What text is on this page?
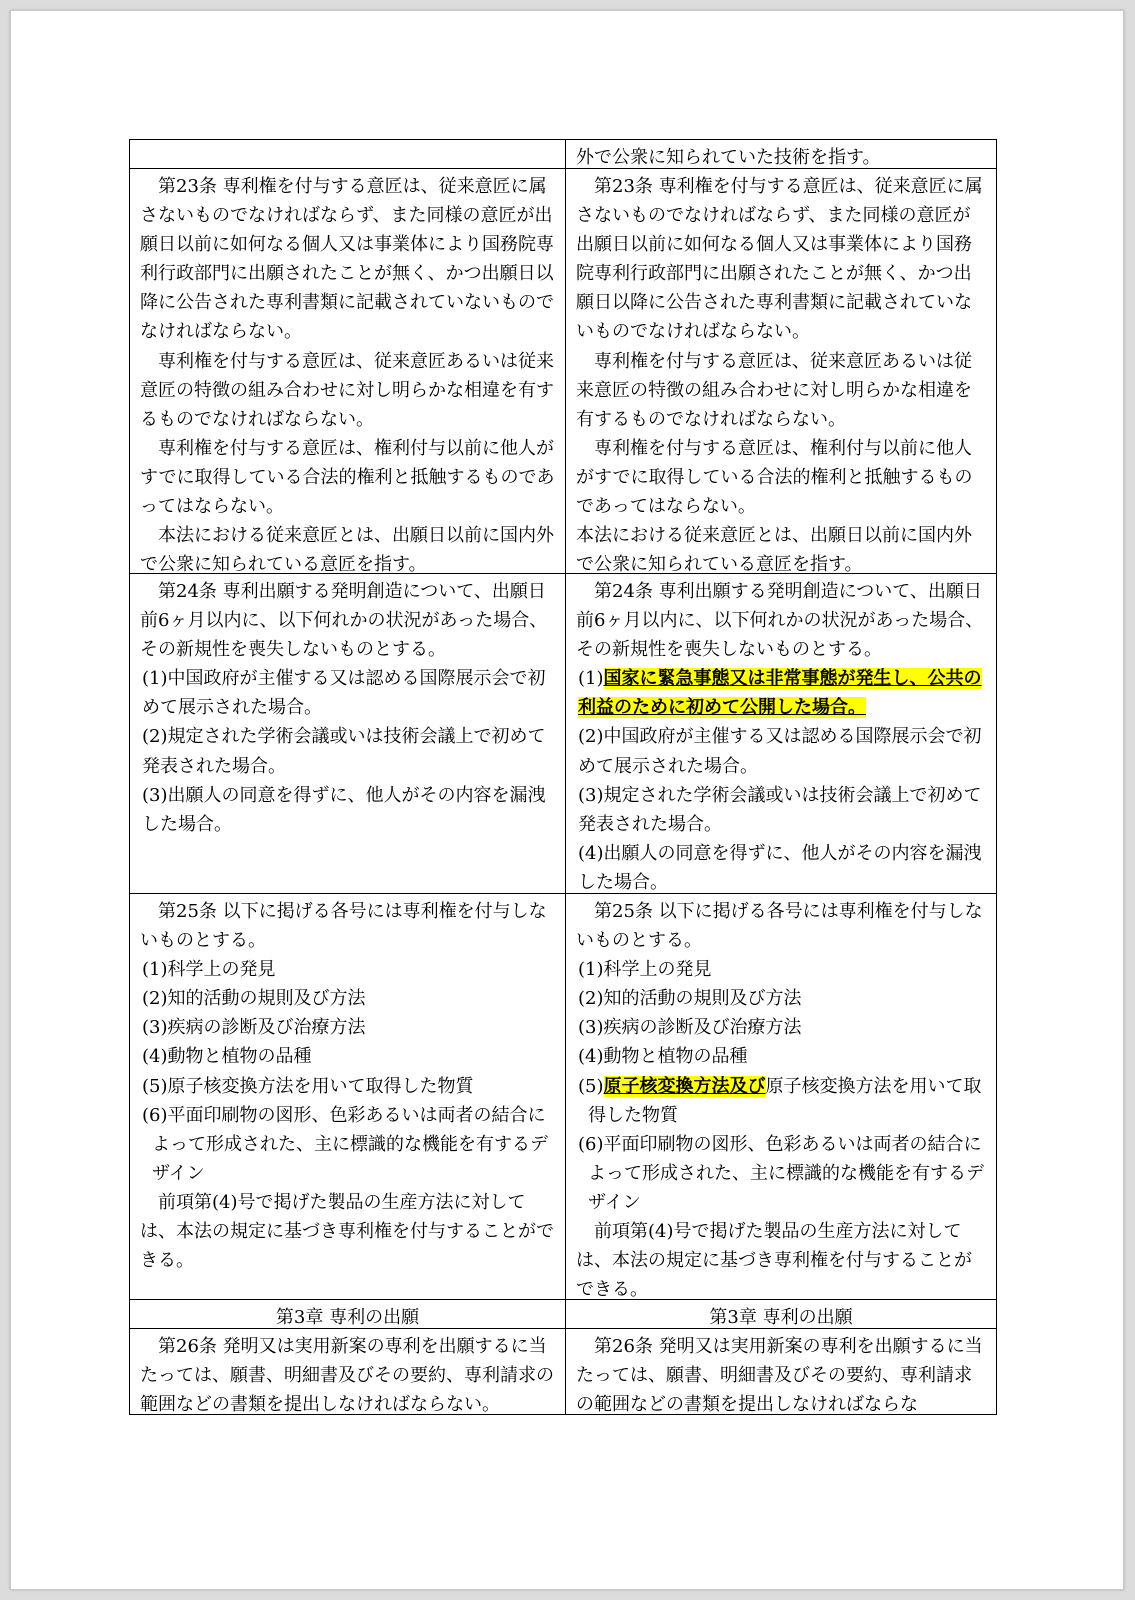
外で公衆に知られていた技術を指す。

第23条 専利権を付与する意匠は、従来意匠に属さないものでなければならず、また同様の意匠が出願日以前に如何なる個人又は事業体により国務院専利行政部門に出願されたことが無く、かつ出願日以降に公告された専利書類に記載されていないものでなければならない。

専利権を付与する意匠は、従来意匠あるいは従来意匠の特徴の組み合わせに対し明らかな相違を有するものでなければならない。

専利権を付与する意匠は、権利付与以前に他人がすでに取得している合法的権利と抵触するものであってはならない。

本法における従来意匠とは、出願日以前に国内外で公衆に知られている意匠を指す。

第23条 専利権を付与する意匠は、従来意匠に属さないものでなければならず、また同様の意匠が出願日以前に如何なる個人又は事業体により国務院専利行政部門に出願されたことが無く、かつ出願日以降に公告された専利書類に記載されていないものでなければならない。

専利権を付与する意匠は、従来意匠あるいは従来意匠の特徴の組み合わせに対し明らかな相違を有するものでなければならない。

専利権を付与する意匠は、権利付与以前に他人がすでに取得している合法的権利と抵触するものであってはならない。

本法における従来意匠とは、出願日以前に国内外で公衆に知られている意匠を指す。

第24条 専利出願する発明創造について、出願日前6ヶ月以内に、以下何れかの状況があった場合、その新規性を喪失しないものとする。

(1)中国政府が主催する又は認める国際展示会で初めて展示された場合。

(2)規定された学術会議或いは技術会議上で初めて発表された場合。

(3)出願人の同意を得ずに、他人がその内容を漏洩した場合。

第24条 専利出願する発明創造について、出願日前6ヶ月以内に、以下何れかの状況があった場合、その新規性を喪失しないものとする。

(1)国家に緊急事態又は非常事態が発生し、公共の利益のために初めて公開した場合。

(2)中国政府が主催する又は認める国際展示会で初めて展示された場合。

(3)規定された学術会議或いは技術会議上で初めて発表された場合。

(4)出願人の同意を得ずに、他人がその内容を漏洩した場合。

第25条 以下に掲げる各号には専利権を付与しないものとする。

(1)科学上の発見

(2)知的活動の規則及び方法

(3)疾病の診断及び治療方法

(4)動物と植物の品種

(5)原子核変換方法を用いて取得した物質

(6)平面印刷物の図形、色彩あるいは両者の結合によって形成された、主に標識的な機能を有するデザイン

前項第(4)号で掲げた製品の生産方法に対しては、本法の規定に基づき専利権を付与することができる。

第25条 以下に掲げる各号には専利権を付与しないものとする。

(1)科学上の発見

(2)知的活動の規則及び方法

(3)疾病の診断及び治療方法

(4)動物と植物の品種

(5)原子核変換方法及び原子核変換方法を用いて取得した物質

(6)平面印刷物の図形、色彩あるいは両者の結合によって形成された、主に標識的な機能を有するデザイン

前項第(4)号で掲げた製品の生産方法に対しては、本法の規定に基づき専利権を付与することができる。

第3章 専利の出願	第3章 専利の出願

第26条 発明又は実用新案の専利を出願するに当たっては、願書、明細書及びその要約、専利請求の範囲などの書類を提出しなければならない。

第26条 発明又は実用新案の専利を出願するに当たっては、願書、明細書及びその要約、専利請求の範囲などの書類を提出しなければならな
